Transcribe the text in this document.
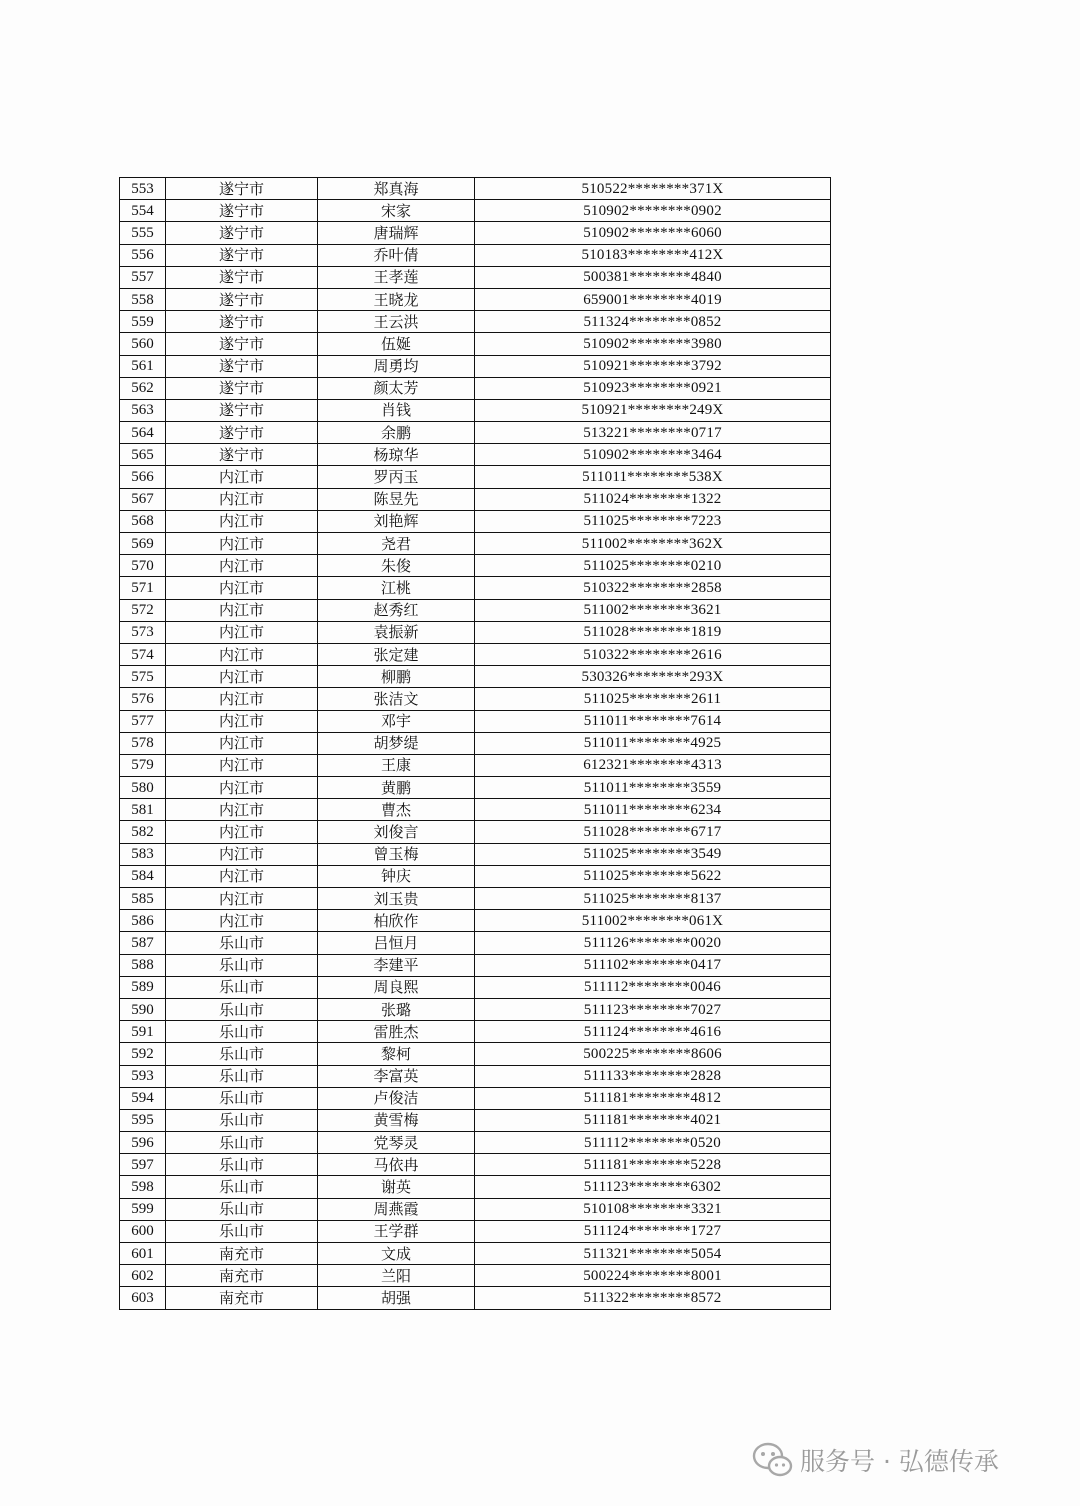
553	遂宁市	郑真海	510522********371X
554	遂宁市	宋家	510902********0902
555	遂宁市	唐瑞辉	510902********6060
556	遂宁市	乔叶倩	510183********412X
557	遂宁市	王孝莲	500381********4840
558	遂宁市	王晓龙	659001********4019
559	遂宁市	王云洪	511324********0852
560	遂宁市	伍娫	510902********3980
561	遂宁市	周勇均	510921********3792
562	遂宁市	颜太芳	510923********0921
563	遂宁市	肖钱	510921********249X
564	遂宁市	余鹏	513221********0717
565	遂宁市	杨琼华	510902********3464
566	内江市	罗丙玉	511011********538X
567	内江市	陈昱先	511024********1322
568	内江市	刘艳辉	511025********7223
569	内江市	尧君	511002********362X
570	内江市	朱俊	511025********0210
571	内江市	江桃	510322********2858
572	内江市	赵秀红	511002********3621
573	内江市	袁振新	511028********1819
574	内江市	张定建	510322********2616
575	内江市	柳鹏	530326********293X
576	内江市	张洁文	511025********2611
577	内江市	邓宇	511011********7614
578	内江市	胡梦缇	511011********4925
579	内江市	王康	612321********4313
580	内江市	黄鹏	511011********3559
581	内江市	曹杰	511011********6234
582	内江市	刘俊言	511028********6717
583	内江市	曾玉梅	511025********3549
584	内江市	钟庆	511025********5622
585	内江市	刘玉贵	511025********8137
586	内江市	柏欣作	511002********061X
587	乐山市	吕恒月	511126********0020
588	乐山市	李建平	511102********0417
589	乐山市	周良熙	511112********0046
590	乐山市	张璐	511123********7027
591	乐山市	雷胜杰	511124********4616
592	乐山市	黎柯	500225********8606
593	乐山市	李富英	511133********2828
594	乐山市	卢俊洁	511181********4812
595	乐山市	黄雪梅	511181********4021
596	乐山市	党琴灵	511112********0520
597	乐山市	马依冉	511181********5228
598	乐山市	谢英	511123********6302
599	乐山市	周燕霞	510108********3321
600	乐山市	王学群	511124********1727
601	南充市	文成	511321********5054
602	南充市	兰阳	500224********8001
603	南充市	胡强	511322********8572
服务号 · 弘德传承
